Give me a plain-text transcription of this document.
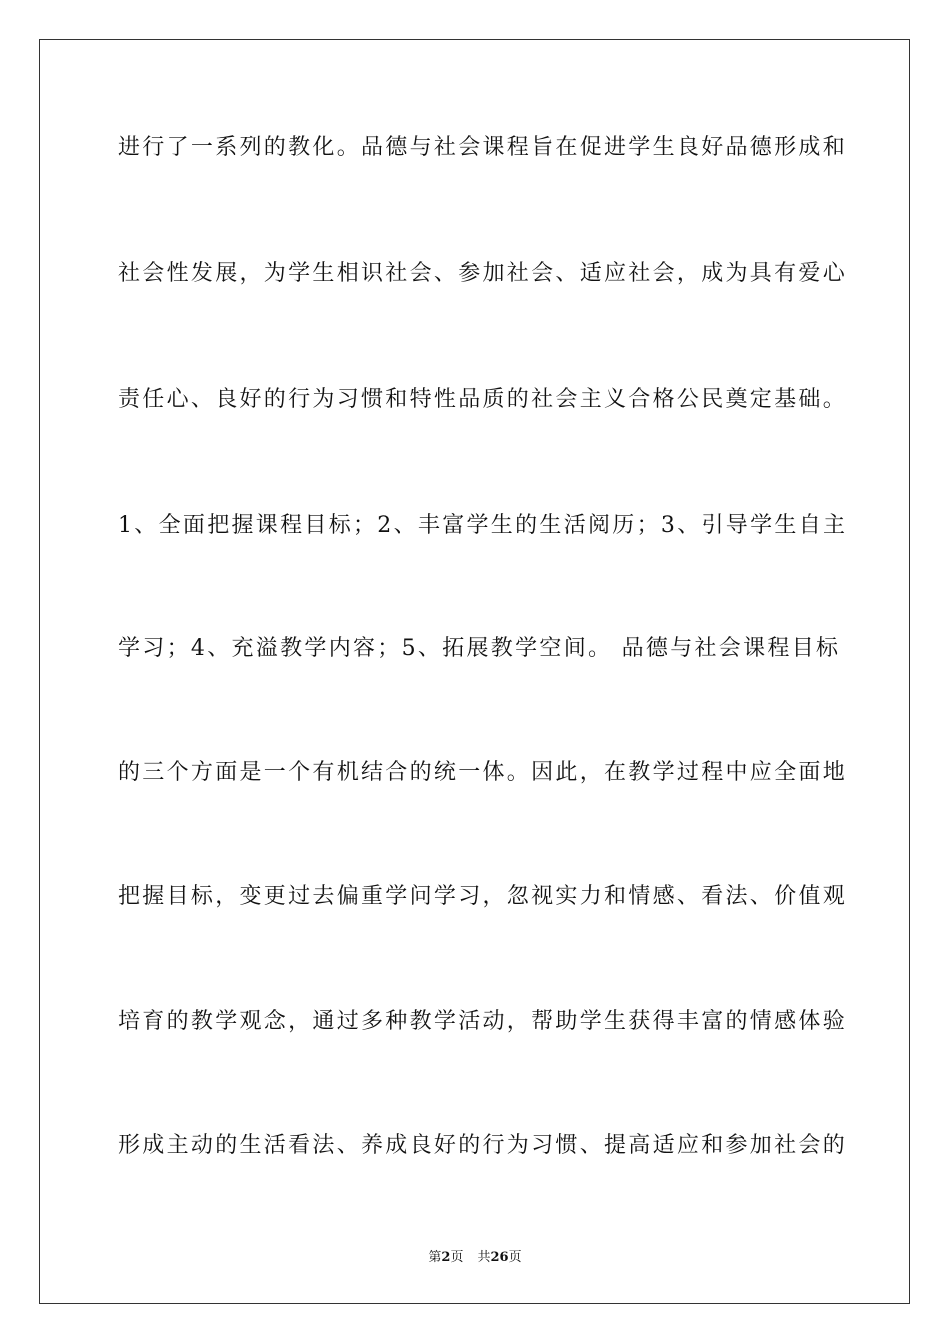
进行了一系列的教化。品德与社会课程旨在促进学生良好品德形成和
社会性发展，为学生相识社会、参加社会、适应社会，成为具有爱心
责任心、良好的行为习惯和特性品质的社会主义合格公民奠定基础。
1、全面把握课程目标；2、丰富学生的生活阅历；3、引导学生自主
学习；4、充溢教学内容；5、拓展教学空间。 品德与社会课程目标
的三个方面是一个有机结合的统一体。因此，在教学过程中应全面地
把握目标，变更过去偏重学问学习，忽视实力和情感、看法、价值观
培育的教学观念，通过多种教学活动，帮助学生获得丰富的情感体验
形成主动的生活看法、养成良好的行为习惯、提高适应和参加社会的
第2页 共26页
